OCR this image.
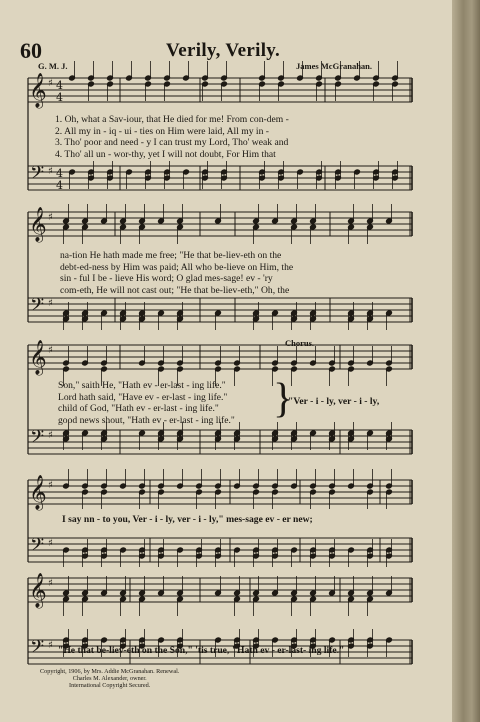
𝄞 ♯ 4
4
𝄢 ♯ 4
4
𝄞 ♯
𝄢 ♯
𝄞 ♯
𝄢 ♯
𝄞 ♯
𝄢 ♯
𝄞 ♯
𝄢 ♯
60	Verily, Verily.
G. M. J.	James McGranahan.
1. Oh, what a Sav-iour, that He died for me! From con-dem -
2. All my in - iq - ui - ties on Him were laid, All my in -
3. Tho' poor and need - y I can trust my Lord, Tho' weak and
4. Tho' all un - wor-thy, yet I will not doubt, For Him that
na-tion He hath made me free; "He that be-liev-eth on the
debt-ed-ness by Him was paid; All who be-lieve on Him, the
sin - ful I be - lieve His word; O glad mes-sage! ev - 'ry
com-eth, He will not cast out; "He that be-liev-eth," Oh, the
Chorus.
Son," saith He, "Hath ev - er-last - ing life."
Lord hath said, "Have ev - er-last - ing life."
child of God, "Hath ev - er-last - ing life."
good news shout, "Hath ev - er-last - ing life." }
"Ver - i - ly, ver - i - ly,
I say nn - to you, Ver - i - ly, ver - i - ly," mes-sage ev - er new;
"He that be-liev-eth on the Son," 'tis true, "Hath ev - er-last- ing life."
Copyright, 1906, by Mrs. Addie McGranahan. Renewal.
Charles M. Alexander, owner.
International Copyright Secured.
